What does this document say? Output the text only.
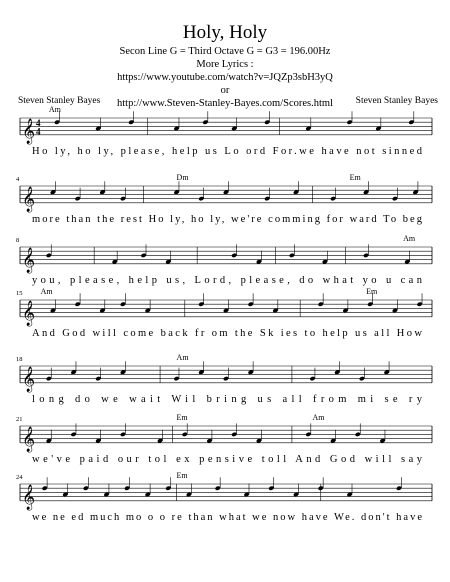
Holy, Holy
Secon Line G = Third Octave G = G3 = 196.00Hz
More Lyrics :
https://www.youtube.com/watch?v=JQZp3sbH3yQ
or
http://www.Steven-Stanley-Bayes.com/Scores.html
Steven Stanley Bayes	Steven Stanley Bayes
𝄞 4
4
Am
Ho ly, ho ly, please, help us Lo ord For.we have not sinned
𝄞
4	Dm	Em
more than the rest Ho ly, ho ly, we're comming for ward To beg
𝄞
8	Am
you, please, help us, Lord, please, do what yo u can
𝄞
15 Am	Em
And God will come back fr om the Sk ies to help us all How
𝄞
18	Am
long do we wait Wil bring us all from mi se ry
𝄞
21	Em	Am
we've paid our tol ex pensive toll And God will say
𝄞
24	Em
we ne ed much mo o o re than what we now have We. don't have
